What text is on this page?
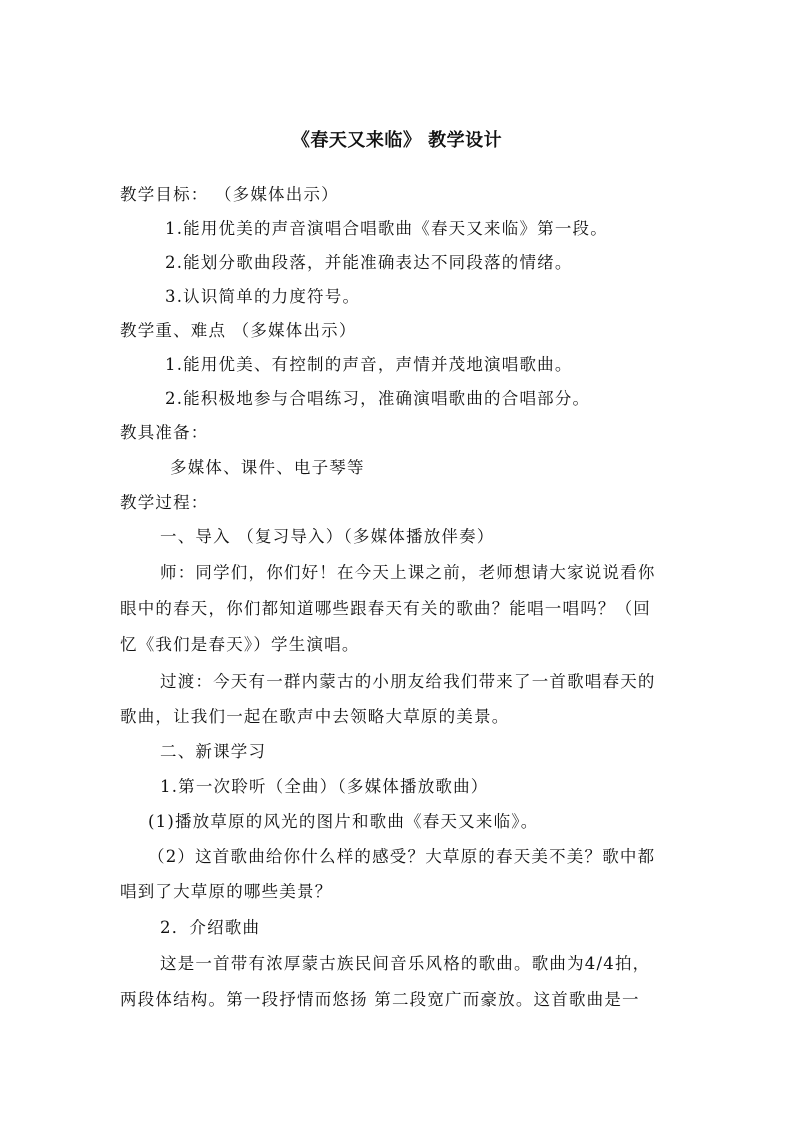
《春天又来临》 教学设计
教学目标： （多媒体出示）
1.能用优美的声音演唱合唱歌曲《春天又来临》第一段。
2.能划分歌曲段落，并能准确表达不同段落的情绪。
3.认识简单的力度符号。
教学重、难点 （多媒体出示）
1.能用优美、有控制的声音，声情并茂地演唱歌曲。
2.能积极地参与合唱练习，准确演唱歌曲的合唱部分。
教具准备：
多媒体、课件、电子琴等
教学过程：
一、导入 （复习导入）（多媒体播放伴奏）
师：同学们，你们好！在今天上课之前，老师想请大家说说看你
眼中的春天，你们都知道哪些跟春天有关的歌曲？能唱一唱吗？（回
忆《我们是春天》）学生演唱。
过渡：今天有一群内蒙古的小朋友给我们带来了一首歌唱春天的
歌曲，让我们一起在歌声中去领略大草原的美景。
二、新课学习
1.第一次聆听（全曲）（多媒体播放歌曲）
(1)播放草原的风光的图片和歌曲《春天又来临》。
（2）这首歌曲给你什么样的感受？大草原的春天美不美？歌中都
唱到了大草原的哪些美景？
2．介绍歌曲
这是一首带有浓厚蒙古族民间音乐风格的歌曲。歌曲为4/4拍，
两段体结构。第一段抒情而悠扬 第二段宽广而豪放。这首歌曲是一
